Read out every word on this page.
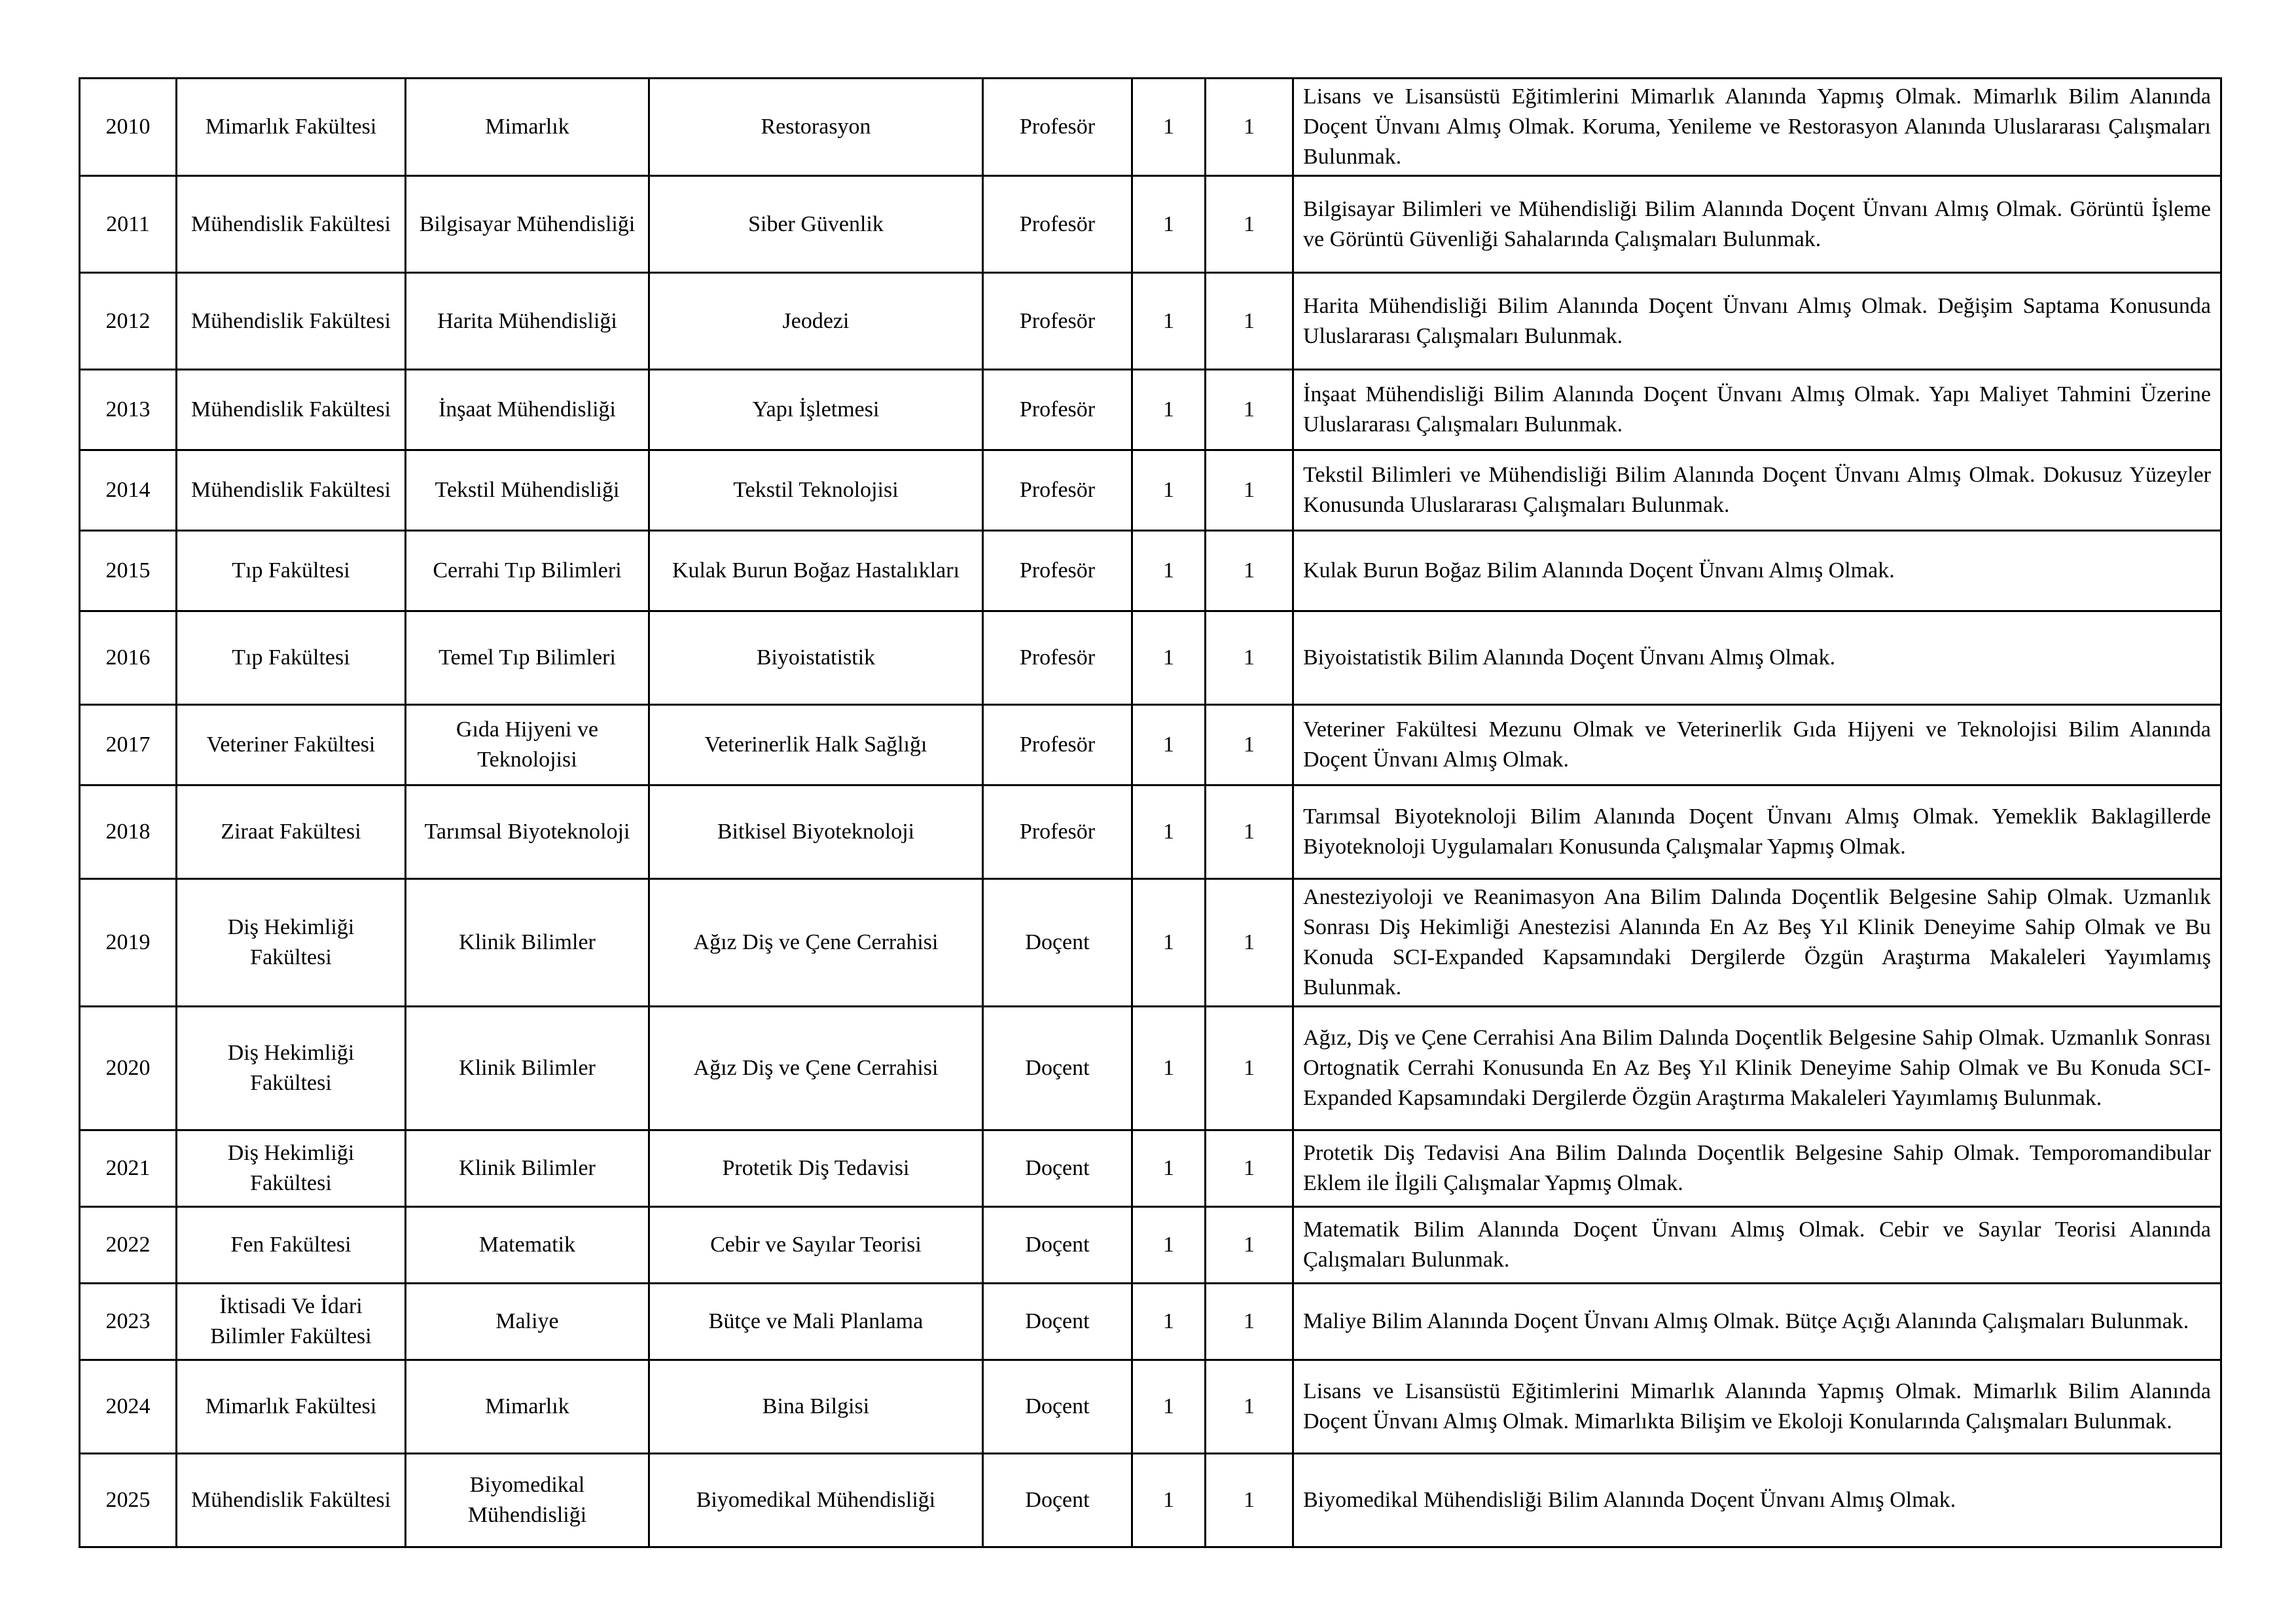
2010	Mimarlık Fakültesi	Mimarlık	Restorasyon	Profesör	1	1	Lisans ve Lisansüstü Eğitimlerini Mimarlık Alanında Yapmış Olmak. Mimarlık Bilim Alanında Doçent Ünvanı Almış Olmak. Koruma, Yenileme ve Restorasyon Alanında Uluslararası Çalışmaları Bulunmak.
2011	Mühendislik Fakültesi	Bilgisayar Mühendisliği	Siber Güvenlik	Profesör	1	1	Bilgisayar Bilimleri ve Mühendisliği Bilim Alanında Doçent Ünvanı Almış Olmak. Görüntü İşleme ve Görüntü Güvenliği Sahalarında Çalışmaları Bulunmak.
2012	Mühendislik Fakültesi	Harita Mühendisliği	Jeodezi	Profesör	1	1	Harita Mühendisliği Bilim Alanında Doçent Ünvanı Almış Olmak. Değişim Saptama Konusunda Uluslararası Çalışmaları Bulunmak.
2013	Mühendislik Fakültesi	İnşaat Mühendisliği	Yapı İşletmesi	Profesör	1	1	İnşaat Mühendisliği Bilim Alanında Doçent Ünvanı Almış Olmak. Yapı Maliyet Tahmini Üzerine Uluslararası Çalışmaları Bulunmak.
2014	Mühendislik Fakültesi	Tekstil Mühendisliği	Tekstil Teknolojisi	Profesör	1	1	Tekstil Bilimleri ve Mühendisliği Bilim Alanında Doçent Ünvanı Almış Olmak. Dokusuz Yüzeyler Konusunda Uluslararası Çalışmaları Bulunmak.
2015	Tıp Fakültesi	Cerrahi Tıp Bilimleri	Kulak Burun Boğaz Hastalıkları	Profesör	1	1	Kulak Burun Boğaz Bilim Alanında Doçent Ünvanı Almış Olmak.
2016	Tıp Fakültesi	Temel Tıp Bilimleri	Biyoistatistik	Profesör	1	1	Biyoistatistik Bilim Alanında Doçent Ünvanı Almış Olmak.
2017	Veteriner Fakültesi	Gıda Hijyeni ve Teknolojisi	Veterinerlik Halk Sağlığı	Profesör	1	1	Veteriner Fakültesi Mezunu Olmak ve Veterinerlik Gıda Hijyeni ve Teknolojisi Bilim Alanında Doçent Ünvanı Almış Olmak.
2018	Ziraat Fakültesi	Tarımsal Biyoteknoloji	Bitkisel Biyoteknoloji	Profesör	1	1	Tarımsal Biyoteknoloji Bilim Alanında Doçent Ünvanı Almış Olmak. Yemeklik Baklagillerde Biyoteknoloji Uygulamaları Konusunda Çalışmalar Yapmış Olmak.
2019	Diş Hekimliği Fakültesi	Klinik Bilimler	Ağız Diş ve Çene Cerrahisi	Doçent	1	1	Anesteziyoloji ve Reanimasyon Ana Bilim Dalında Doçentlik Belgesine Sahip Olmak. Uzmanlık Sonrası Diş Hekimliği Anestezisi Alanında En Az Beş Yıl Klinik Deneyime Sahip Olmak ve Bu Konuda SCI-Expanded Kapsamındaki Dergilerde Özgün Araştırma Makaleleri Yayımlamış Bulunmak.
2020	Diş Hekimliği Fakültesi	Klinik Bilimler	Ağız Diş ve Çene Cerrahisi	Doçent	1	1	Ağız, Diş ve Çene Cerrahisi Ana Bilim Dalında Doçentlik Belgesine Sahip Olmak. Uzmanlık Sonrası Ortognatik Cerrahi Konusunda En Az Beş Yıl Klinik Deneyime Sahip Olmak ve Bu Konuda SCI-Expanded Kapsamındaki Dergilerde Özgün Araştırma Makaleleri Yayımlamış Bulunmak.
2021	Diş Hekimliği Fakültesi	Klinik Bilimler	Protetik Diş Tedavisi	Doçent	1	1	Protetik Diş Tedavisi Ana Bilim Dalında Doçentlik Belgesine Sahip Olmak. Temporomandibular Eklem ile İlgili Çalışmalar Yapmış Olmak.
2022	Fen Fakültesi	Matematik	Cebir ve Sayılar Teorisi	Doçent	1	1	Matematik Bilim Alanında Doçent Ünvanı Almış Olmak. Cebir ve Sayılar Teorisi Alanında Çalışmaları Bulunmak.
2023	İktisadi Ve İdari Bilimler Fakültesi	Maliye	Bütçe ve Mali Planlama	Doçent	1	1	Maliye Bilim Alanında Doçent Ünvanı Almış Olmak. Bütçe Açığı Alanında Çalışmaları Bulunmak.
2024	Mimarlık Fakültesi	Mimarlık	Bina Bilgisi	Doçent	1	1	Lisans ve Lisansüstü Eğitimlerini Mimarlık Alanında Yapmış Olmak. Mimarlık Bilim Alanında Doçent Ünvanı Almış Olmak. Mimarlıkta Bilişim ve Ekoloji Konularında Çalışmaları Bulunmak.
2025	Mühendislik Fakültesi	Biyomedikal Mühendisliği	Biyomedikal Mühendisliği	Doçent	1	1	Biyomedikal Mühendisliği Bilim Alanında Doçent Ünvanı Almış Olmak.
